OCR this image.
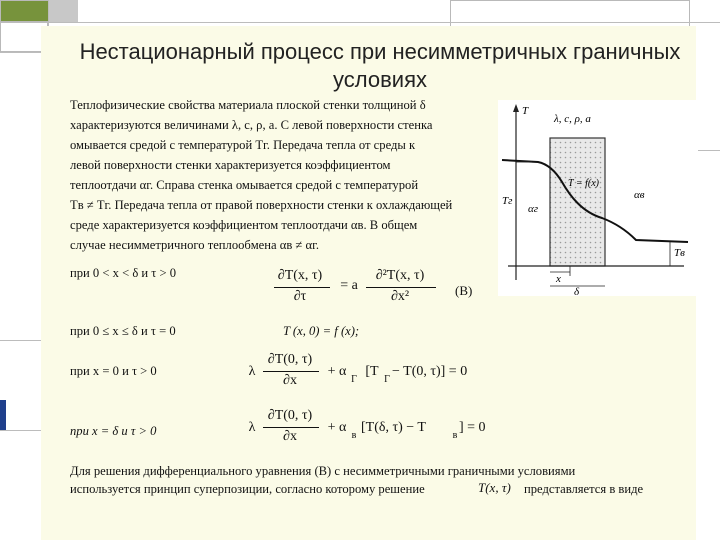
Нестационарный процесс при несимметричных граничных условиях
Теплофизические свойства материала плоской стенки толщиной δ
характеризуются величинами λ, c, ρ, a. С левой поверхности стенка
омывается средой с температурой Tг. Передача тепла от среды к
левой поверхности стенки характеризуется коэффициентом
теплоотдачи αг. Справа стенка омывается средой с температурой
Tв ≠ Tг. Передача тепла от правой поверхности стенки к охлаждающей
среде характеризуется коэффициентом теплоотдачи αв. В общем
случае несимметричного теплообмена αв ≠ αг.
при 0 < x < δ и τ > 0	∂T(x, τ)
∂τ
= a
∂²T(x, τ)
∂x²	(В)
при 0 ≤ x ≤ δ и τ = 0	T (x, 0) = f (x);
при x = 0 и τ > 0	λ
∂T(0, τ)
∂x
+ α
Г
[T
Г
− T(0, τ)] = 0
при x = δ и τ > 0	λ
∂T(0, τ)
∂x
+ α
в
[T(δ, τ) − T
в
] = 0
Для решения дифференциального уравнения (В) с несимметричными граничными условиями
используется принцип суперпозиции, согласно которому решение	T(x, τ) представляется в виде
T
λ, c, ρ, a
T = f(x)
αв
Tг
αг
Tв
x
δ
